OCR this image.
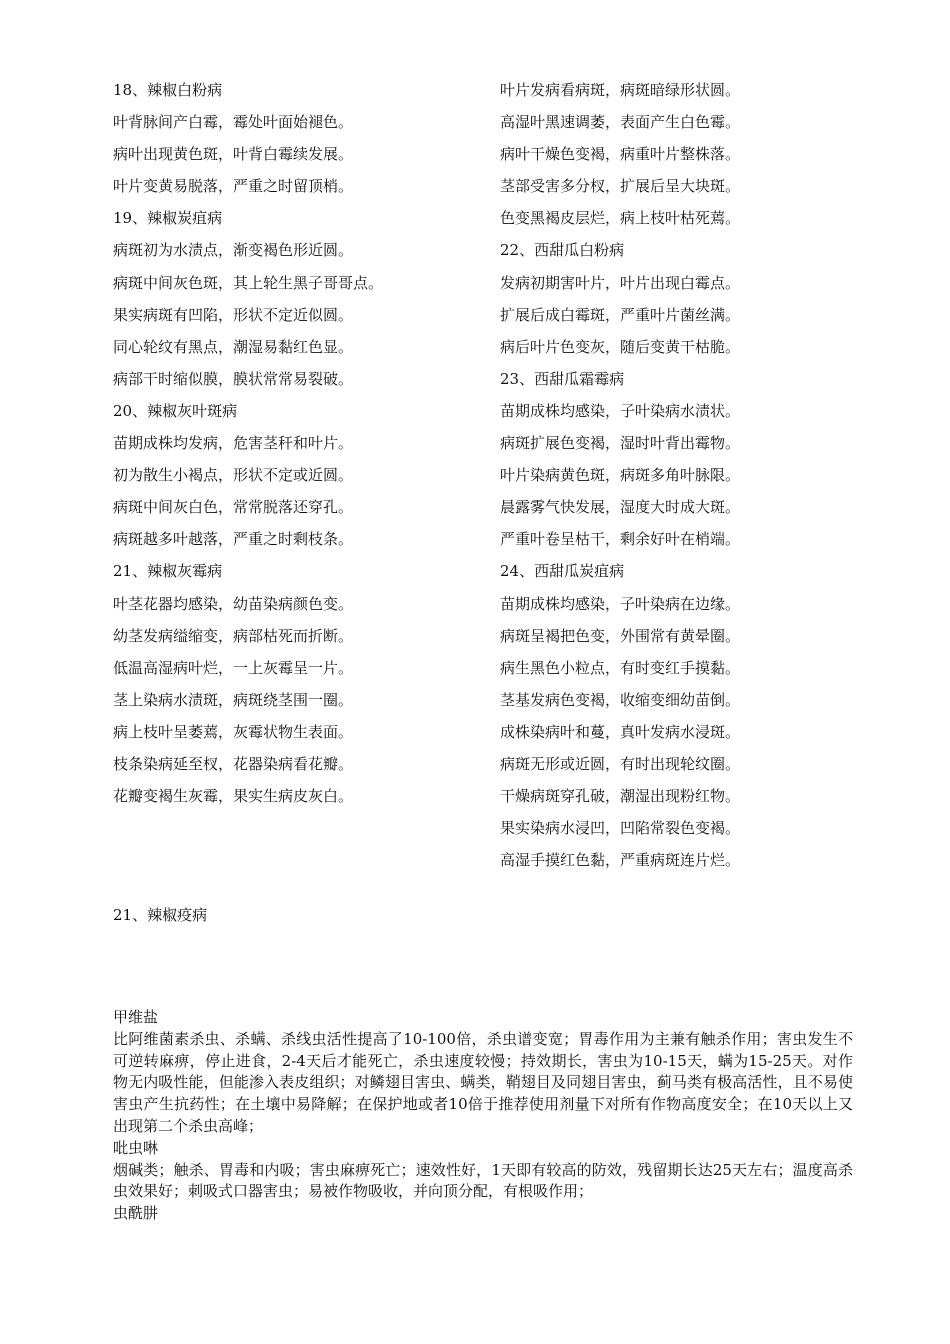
18、辣椒白粉病
叶背脉间产白霉，霉处叶面始褪色。
病叶出现黄色斑，叶背白霉续发展。
叶片变黄易脱落，严重之时留顶梢。
19、辣椒炭疽病
病斑初为水渍点，渐变褐色形近圆。
病斑中间灰色斑，其上轮生黑子哥哥点。
果实病斑有凹陷，形状不定近似圆。
同心轮纹有黑点，潮湿易黏红色显。
病部干时缩似膜，膜状常常易裂破。
20、辣椒灰叶斑病
苗期成株均发病，危害茎秆和叶片。
初为散生小褐点，形状不定或近圆。
病斑中间灰白色，常常脱落还穿孔。
病斑越多叶越落，严重之时剩枝条。
21、辣椒灰霉病
叶茎花器均感染，幼苗染病颜色变。
幼茎发病缢缩变，病部枯死而折断。
低温高湿病叶烂，一上灰霉呈一片。
茎上染病水渍斑，病斑绕茎围一圈。
病上枝叶呈萎蔫，灰霉状物生表面。
枝条染病延至杈，花器染病看花瓣。
花瓣变褐生灰霉，果实生病皮灰白。
叶片发病看病斑，病斑暗绿形状圆。
高湿叶黑速调萎，表面产生白色霉。
病叶干燥色变褐，病重叶片整株落。
茎部受害多分杈，扩展后呈大块斑。
色变黑褐皮层烂，病上枝叶枯死蔫。
22、西甜瓜白粉病
发病初期害叶片，叶片出现白霉点。
扩展后成白霉斑，严重叶片菌丝满。
病后叶片色变灰，随后变黄干枯脆。
23、西甜瓜霜霉病
苗期成株均感染，子叶染病水渍状。
病斑扩展色变褐，湿时叶背出霉物。
叶片染病黄色斑，病斑多角叶脉限。
晨露雾气快发展，湿度大时成大斑。
严重叶卷呈枯干，剩余好叶在梢端。
24、西甜瓜炭疽病
苗期成株均感染，子叶染病在边缘。
病斑呈褐把色变，外围常有黄晕圈。
病生黑色小粒点，有时变红手摸黏。
茎基发病色变褐，收缩变细幼苗倒。
成株染病叶和蔓，真叶发病水浸斑。
病斑无形或近圆，有时出现轮纹圈。
干燥病斑穿孔破，潮湿出现粉红物。
果实染病水浸凹，凹陷常裂色变褐。
高湿手摸红色黏，严重病斑连片烂。
21、辣椒疫病

甲维盐

比阿维菌素杀虫、杀螨、杀线虫活性提高了10-100倍，杀虫谱变宽；胃毒作用为主兼有触杀作用；害虫发生不可逆转麻痹，停止进食，2-4天后才能死亡，杀虫速度较慢；持效期长，害虫为10-15天，螨为15-25天。对作物无内吸性能，但能渗入表皮组织；对鳞翅目害虫、螨类，鞘翅目及同翅目害虫，蓟马类有极高活性，且不易使害虫产生抗药性；在土壤中易降解；在保护地或者10倍于推荐使用剂量下对所有作物高度安全；在10天以上又出现第二个杀虫高峰；

吡虫啉

烟碱类；触杀、胃毒和内吸；害虫麻痹死亡；速效性好，1天即有较高的防效，残留期长达25天左右；温度高杀虫效果好；刺吸式口器害虫；易被作物吸收，并向顶分配，有根吸作用；

虫酰肼
